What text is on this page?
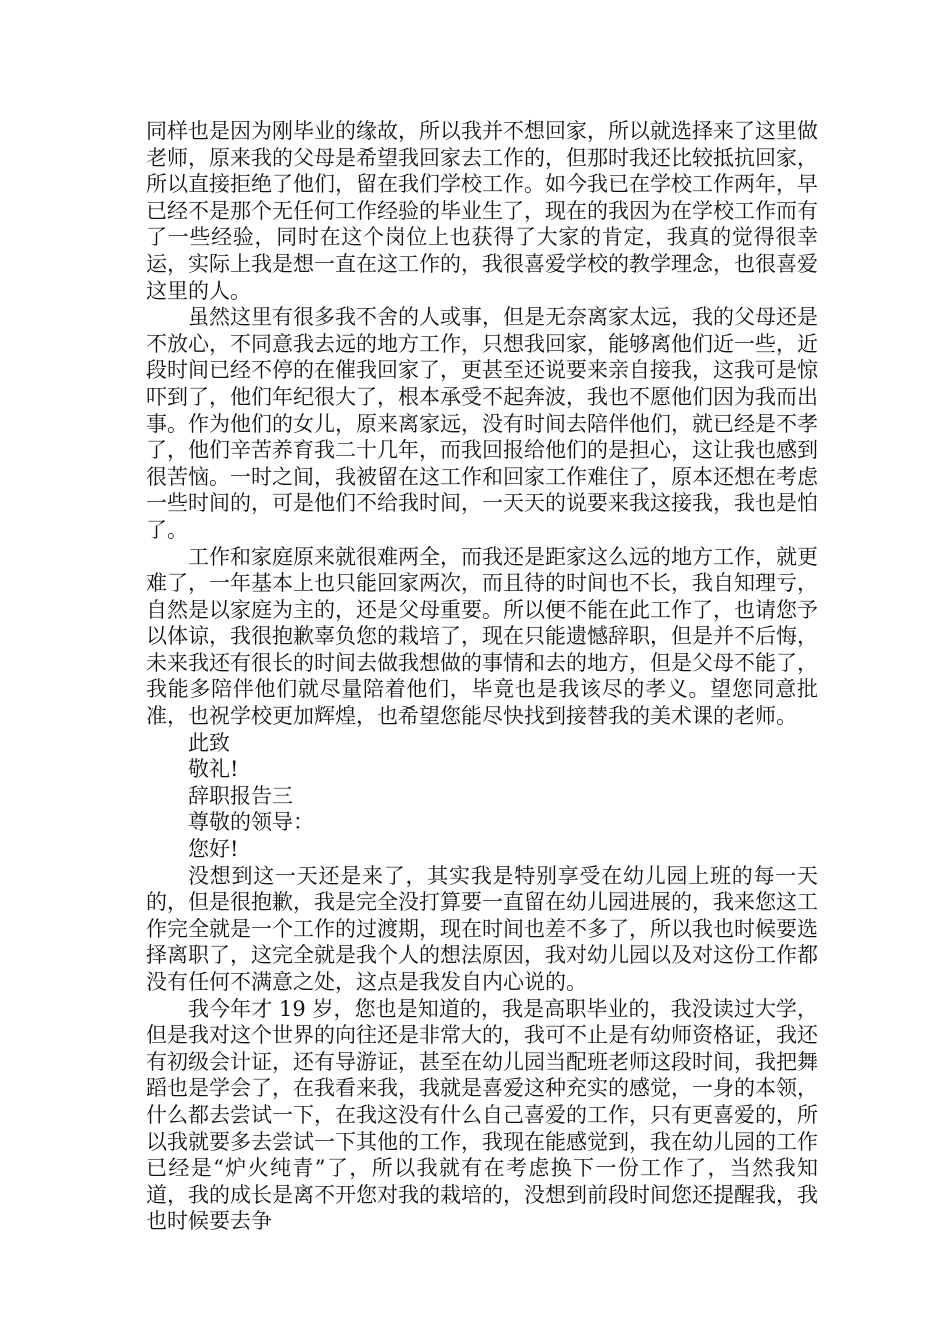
同样也是因为刚毕业的缘故，所以我并不想回家，所以就选择来了这里做老师，原来我的父母是希望我回家去工作的，但那时我还比较抵抗回家，所以直接拒绝了他们，留在我们学校工作。如今我已在学校工作两年，早已经不是那个无任何工作经验的毕业生了，现在的我因为在学校工作而有了一些经验，同时在这个岗位上也获得了大家的肯定，我真的觉得很幸运，实际上我是想一直在这工作的，我很喜爱学校的教学理念，也很喜爱这里的人。

虽然这里有很多我不舍的人或事，但是无奈离家太远，我的父母还是不放心，不同意我去远的地方工作，只想我回家，能够离他们近一些，近段时间已经不停的在催我回家了，更甚至还说要来亲自接我，这我可是惊吓到了，他们年纪很大了，根本承受不起奔波，我也不愿他们因为我而出事。作为他们的女儿，原来离家远，没有时间去陪伴他们，就已经是不孝了，他们辛苦养育我二十几年，而我回报给他们的是担心，这让我也感到很苦恼。一时之间，我被留在这工作和回家工作难住了，原本还想在考虑一些时间的，可是他们不给我时间，一天天的说要来我这接我，我也是怕了。

工作和家庭原来就很难两全，而我还是距家这么远的地方工作，就更难了，一年基本上也只能回家两次，而且待的时间也不长，我自知理亏，自然是以家庭为主的，还是父母重要。所以便不能在此工作了，也请您予以体谅，我很抱歉辜负您的栽培了，现在只能遗憾辞职，但是并不后悔，未来我还有很长的时间去做我想做的事情和去的地方，但是父母不能了，我能多陪伴他们就尽量陪着他们，毕竟也是我该尽的孝义。望您同意批准，也祝学校更加辉煌，也希望您能尽快找到接替我的美术课的老师。

此致

敬礼!

辞职报告三

尊敬的领导：

您好!

没想到这一天还是来了，其实我是特别享受在幼儿园上班的每一天的，但是很抱歉，我是完全没打算要一直留在幼儿园进展的，我来您这工作完全就是一个工作的过渡期，现在时间也差不多了，所以我也时候要选择离职了，这完全就是我个人的想法原因，我对幼儿园以及对这份工作都没有任何不满意之处，这点是我发自内心说的。

我今年才 19 岁，您也是知道的，我是高职毕业的，我没读过大学，但是我对这个世界的向往还是非常大的，我可不止是有幼师资格证，我还有初级会计证，还有导游证，甚至在幼儿园当配班老师这段时间，我把舞蹈也是学会了，在我看来我，我就是喜爱这种充实的感觉，一身的本领，什么都去尝试一下，在我这没有什么自己喜爱的工作，只有更喜爱的，所以我就要多去尝试一下其他的工作，我现在能感觉到，我在幼儿园的工作已经是“炉火纯青”了，所以我就有在考虑换下一份工作了，当然我知道，我的成长是离不开您对我的栽培的，没想到前段时间您还提醒我，我也时候要去争
